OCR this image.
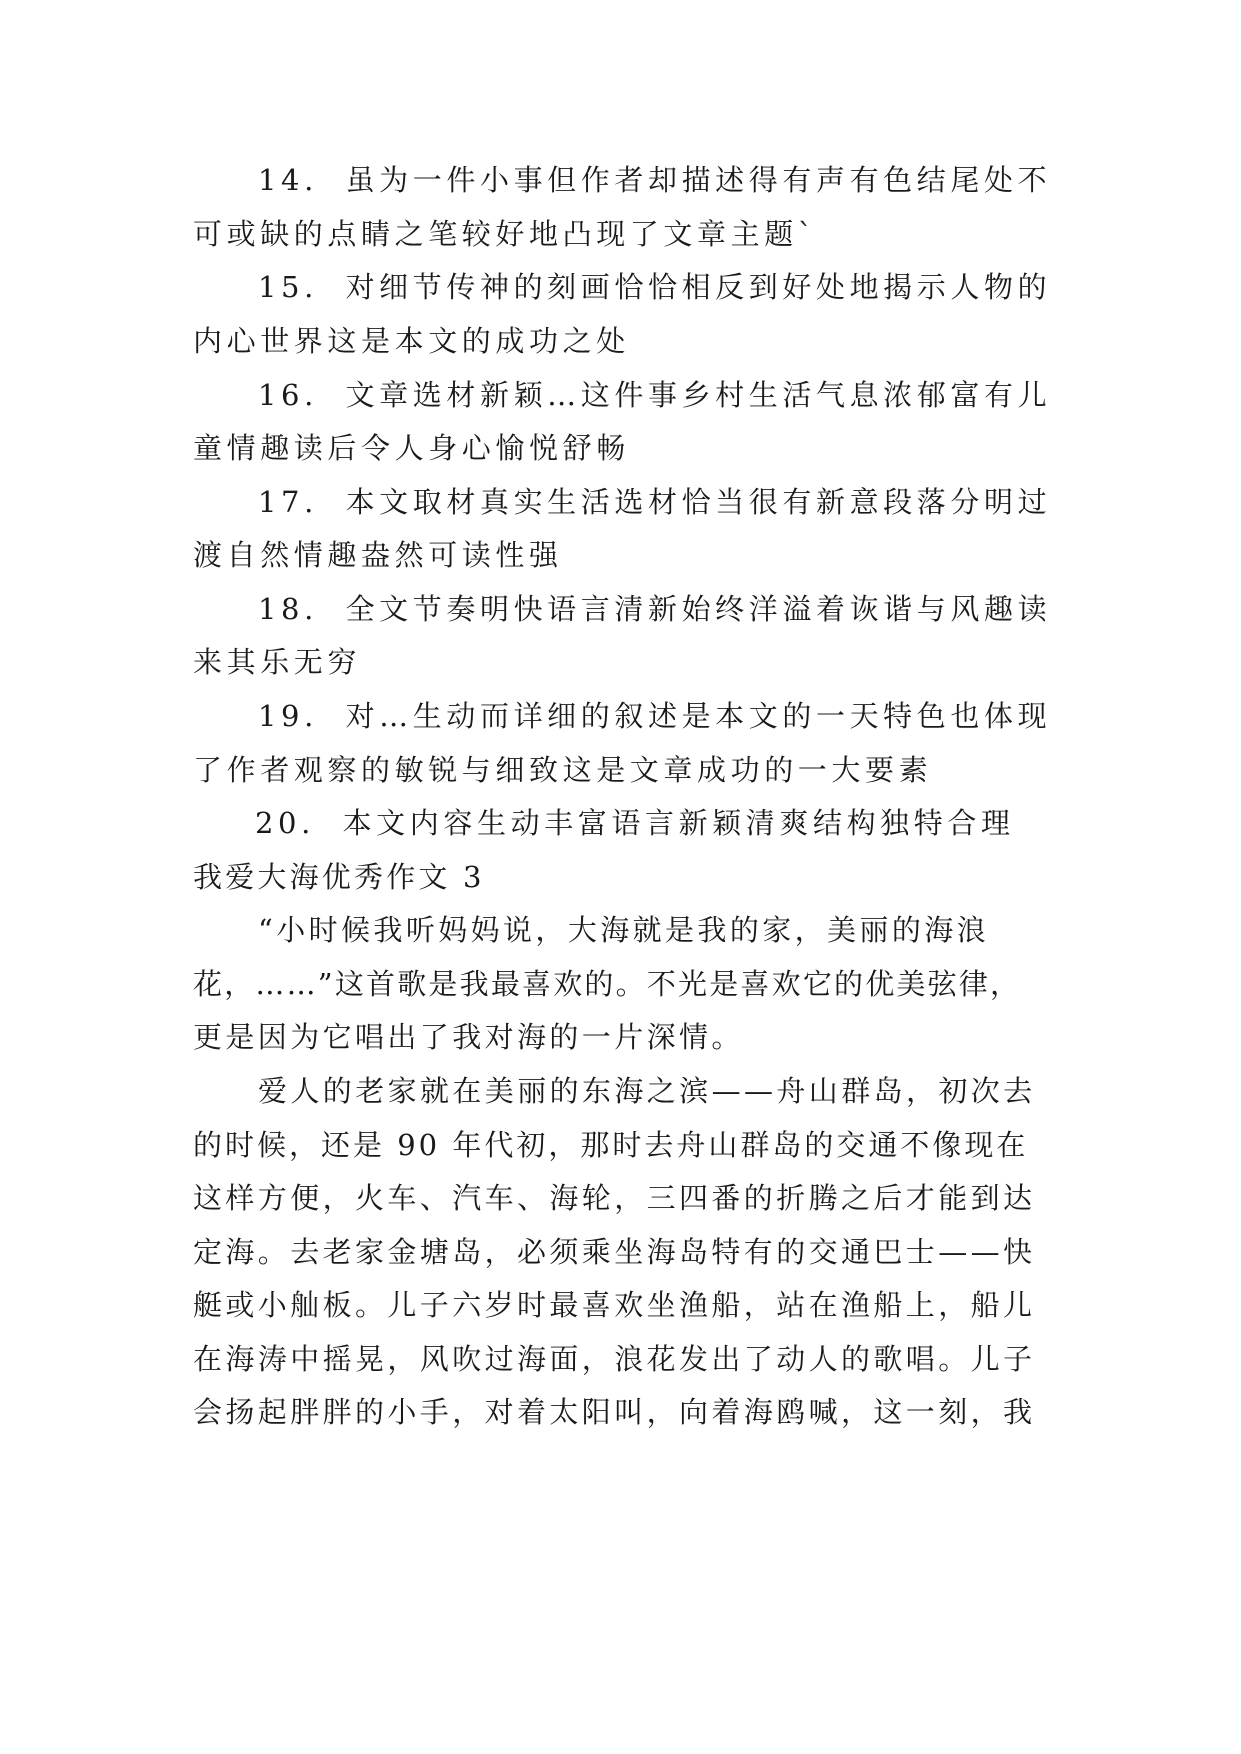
14. 虽为一件小事但作者却描述得有声有色结尾处不
可或缺的点睛之笔较好地凸现了文章主题`
15. 对细节传神的刻画恰恰相反到好处地揭示人物的
内心世界这是本文的成功之处
16. 文章选材新颖…这件事乡村生活气息浓郁富有儿
童情趣读后令人身心愉悦舒畅
17. 本文取材真实生活选材恰当很有新意段落分明过
渡自然情趣盎然可读性强
18. 全文节奏明快语言清新始终洋溢着诙谐与风趣读
来其乐无穷
19. 对…生动而详细的叙述是本文的一天特色也体现
了作者观察的敏锐与细致这是文章成功的一大要素
20. 本文内容生动丰富语言新颖清爽结构独特合理
我爱大海优秀作文 3
“小时候我听妈妈说，大海就是我的家，美丽的海浪
花，……”这首歌是我最喜欢的。不光是喜欢它的优美弦律，
更是因为它唱出了我对海的一片深情。
爱人的老家就在美丽的东海之滨——舟山群岛，初次去
的时候，还是 90 年代初，那时去舟山群岛的交通不像现在
这样方便，火车、汽车、海轮，三四番的折腾之后才能到达
定海。去老家金塘岛，必须乘坐海岛特有的交通巴士——快
艇或小舢板。儿子六岁时最喜欢坐渔船，站在渔船上，船儿
在海涛中摇晃，风吹过海面，浪花发出了动人的歌唱。儿子
会扬起胖胖的小手，对着太阳叫，向着海鸥喊，这一刻，我
